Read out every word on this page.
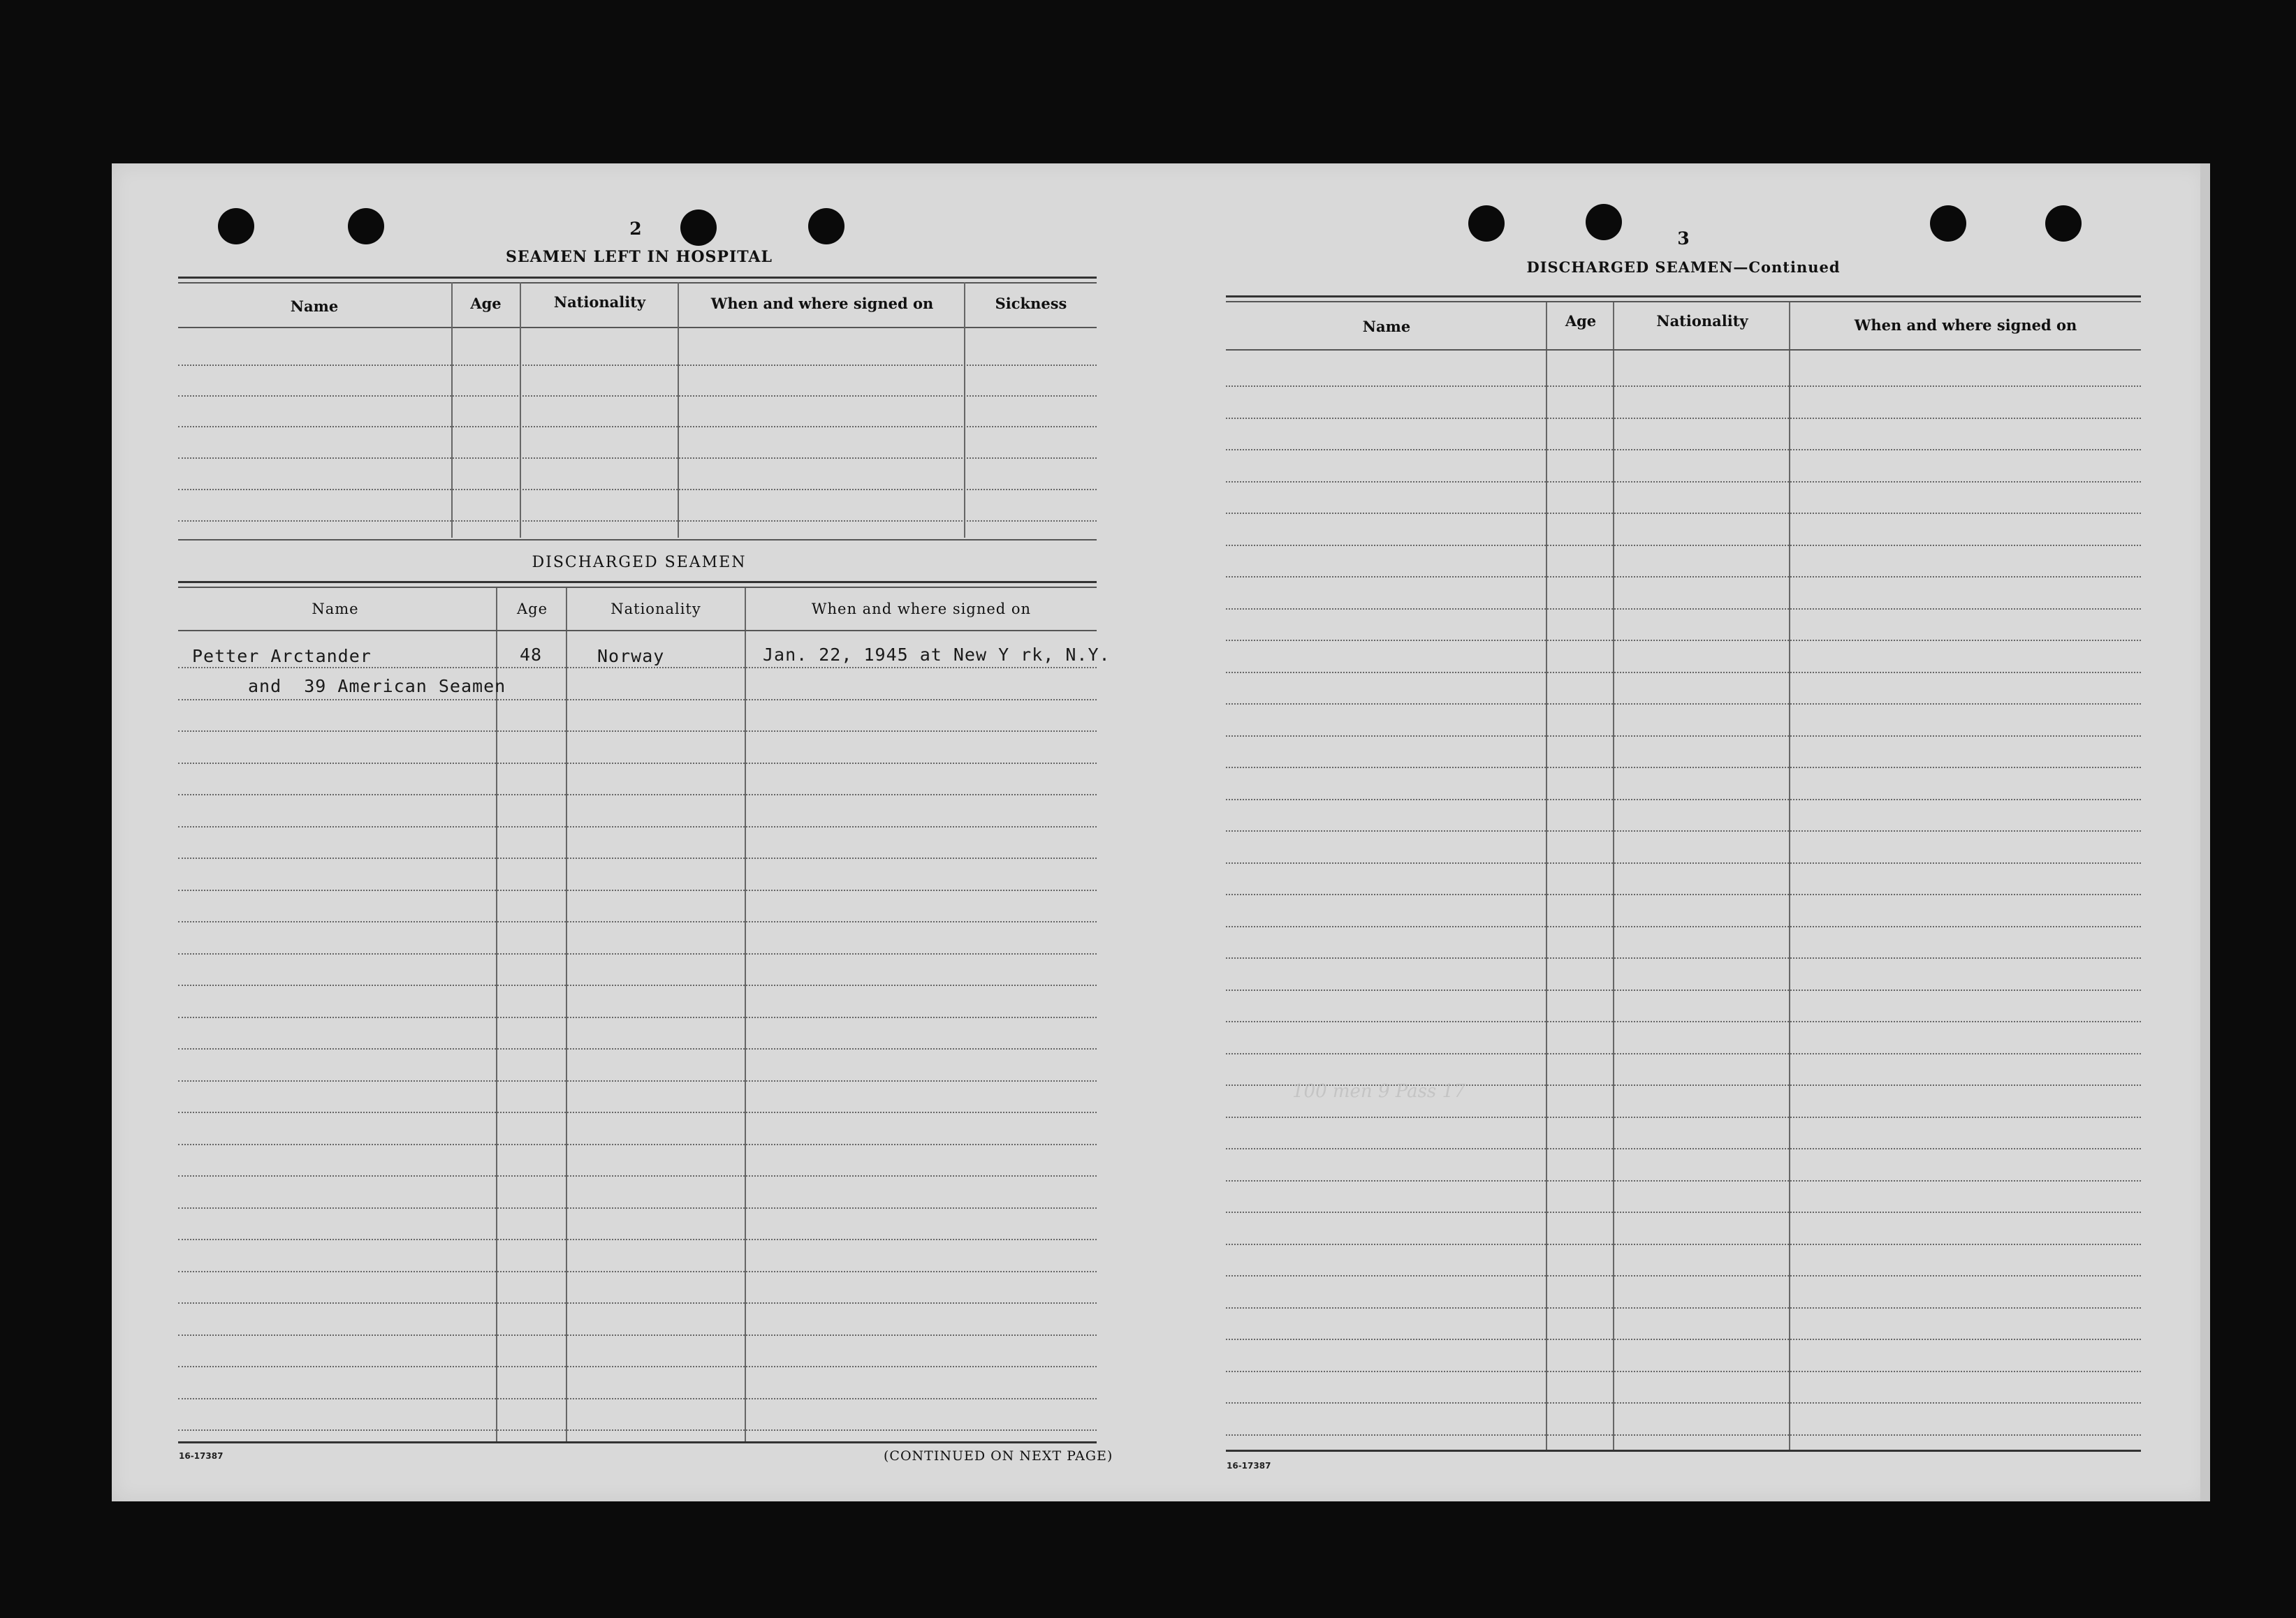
2
SEAMEN LEFT IN HOSPITAL
Name	Age	Nationality	When and where signed on	Sickness
DISCHARGED SEAMEN
Name	Age	Nationality	When and where signed on
Petter Arctander	48	Norway	Jan. 22, 1945 at New Y rk, N.Y.
and  39 American Seamen
16-17387	(CONTINUED ON NEXT PAGE)
3
DISCHARGED SEAMEN—Continued
Name	Age	Nationality	When and where signed on
100 men 9 Pass 17
16-17387
